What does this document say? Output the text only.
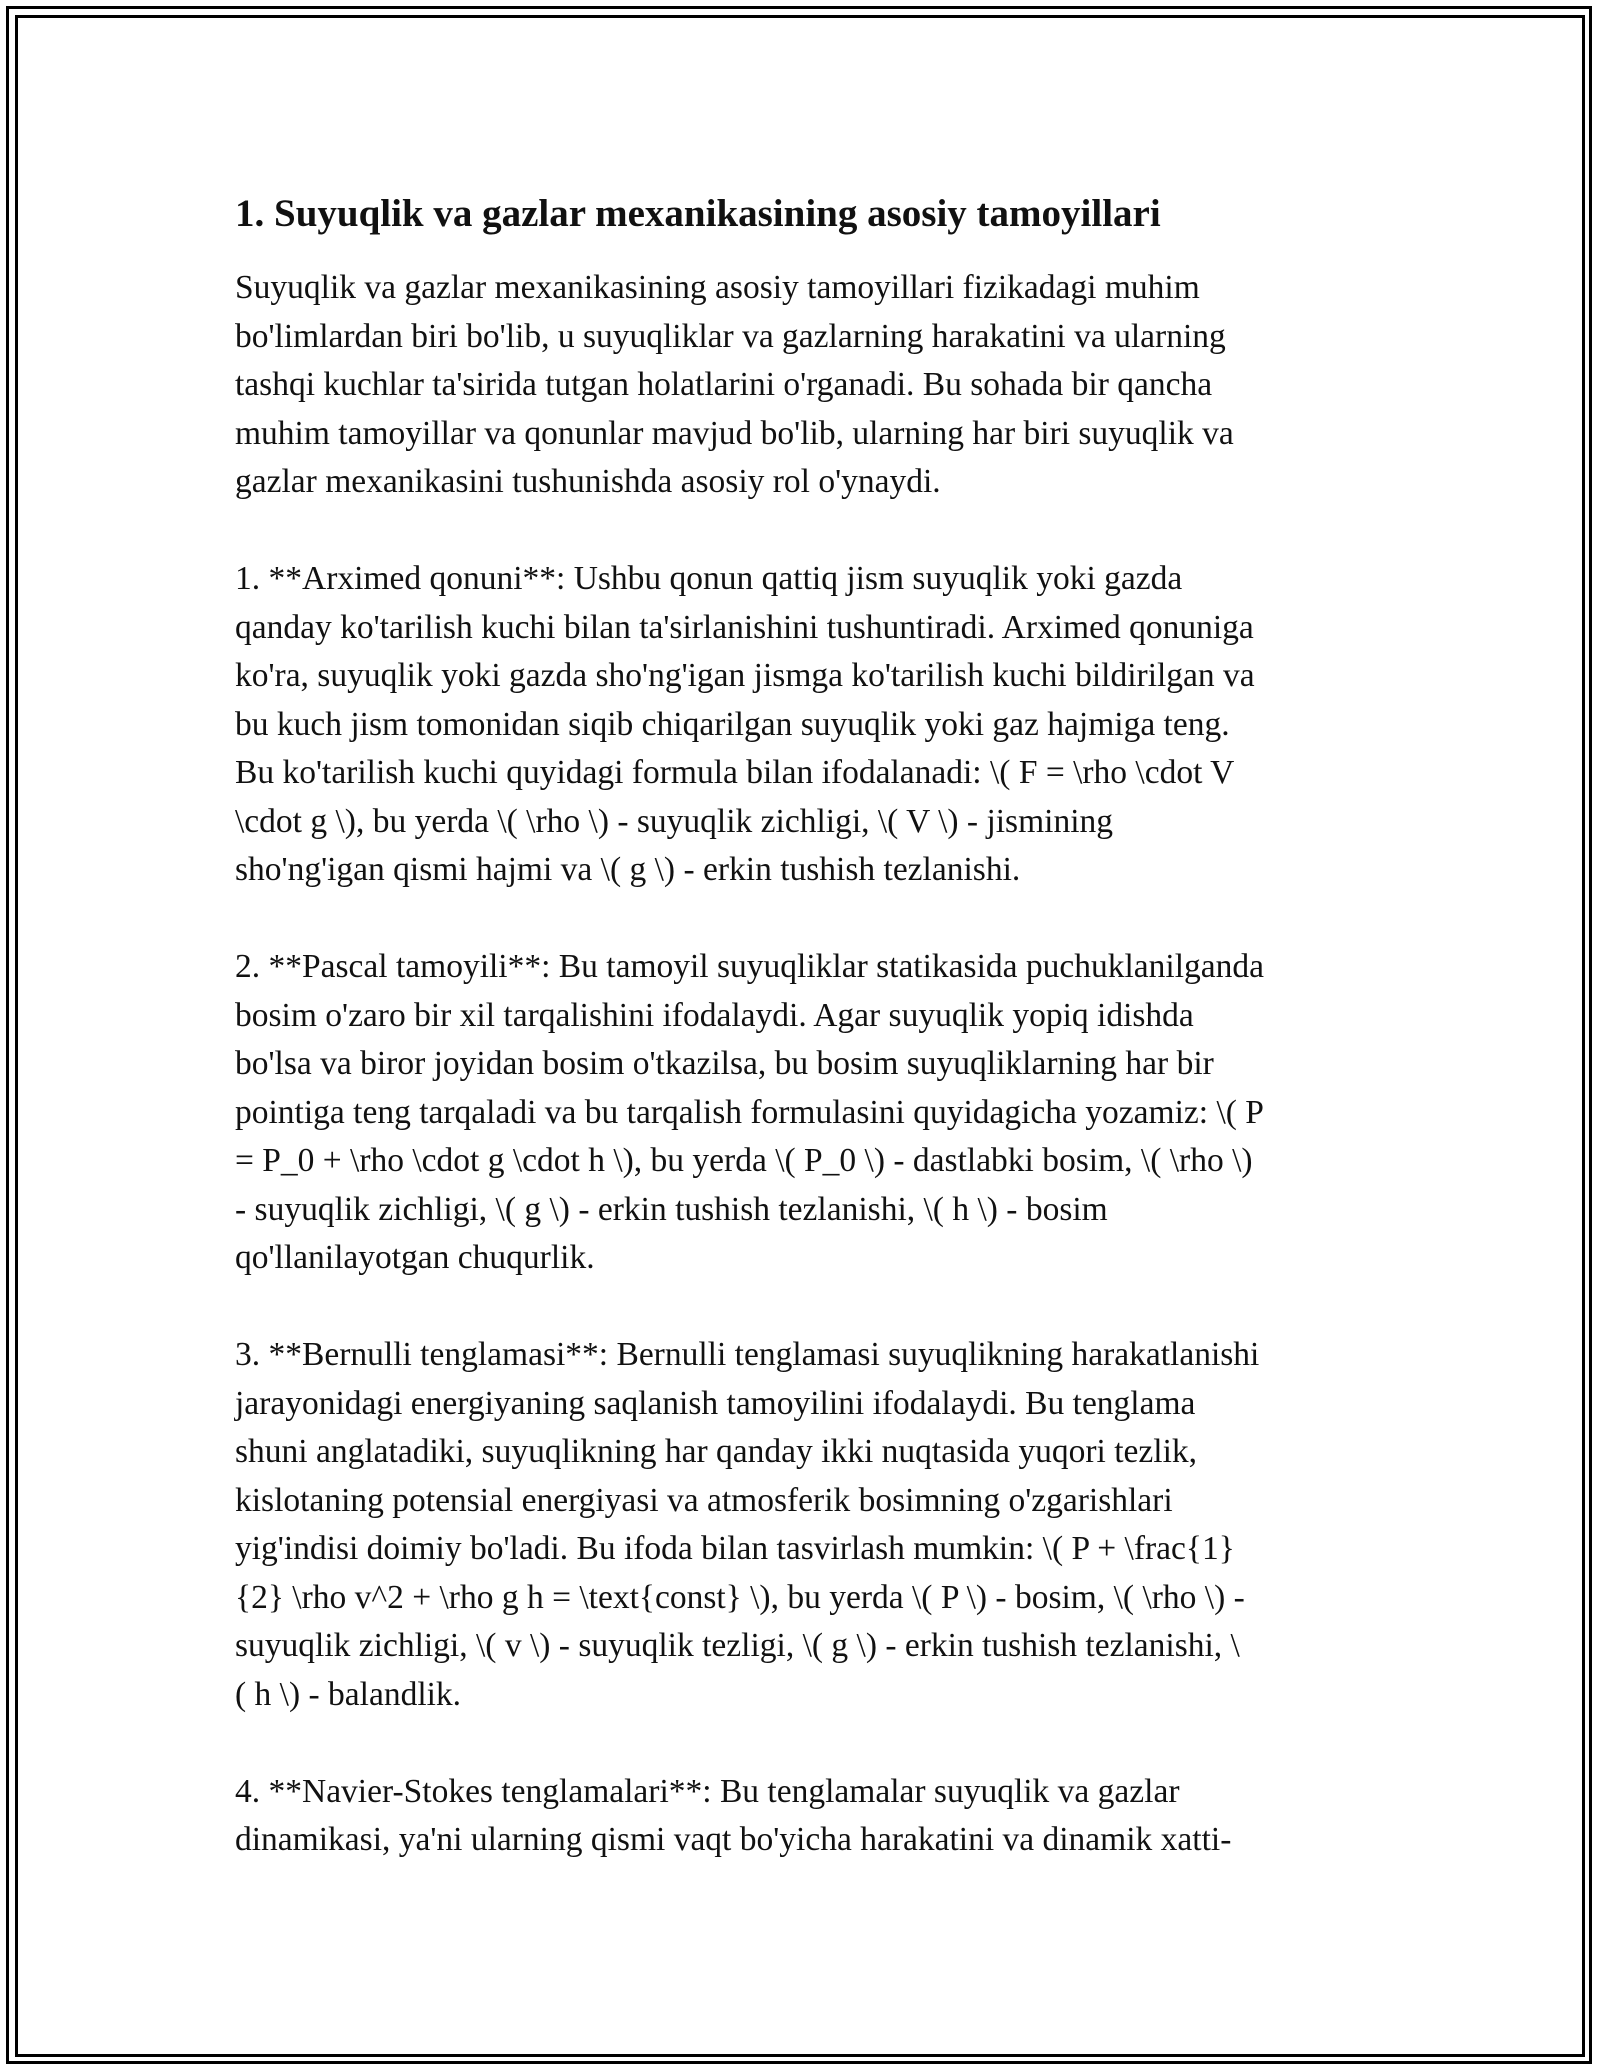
1. Suyuqlik va gazlar mexanikasining asosiy tamoyillari

Suyuqlik va gazlar mexanikasining asosiy tamoyillari fizikadagi muhim
bo'limlardan biri bo'lib, u suyuqliklar va gazlarning harakatini va ularning
tashqi kuchlar ta'sirida tutgan holatlarini o'rganadi. Bu sohada bir qancha
muhim tamoyillar va qonunlar mavjud bo'lib, ularning har biri suyuqlik va
gazlar mexanikasini tushunishda asosiy rol o'ynaydi.

1. **Arximed qonuni**: Ushbu qonun qattiq jism suyuqlik yoki gazda
qanday ko'tarilish kuchi bilan ta'sirlanishini tushuntiradi. Arximed qonuniga
ko'ra, suyuqlik yoki gazda sho'ng'igan jismga ko'tarilish kuchi bildirilgan va
bu kuch jism tomonidan siqib chiqarilgan suyuqlik yoki gaz hajmiga teng.
Bu ko'tarilish kuchi quyidagi formula bilan ifodalanadi: \( F = \rho \cdot V
\cdot g \), bu yerda \( \rho \) - suyuqlik zichligi, \( V \) - jismining
sho'ng'igan qismi hajmi va \( g \) - erkin tushish tezlanishi.

2. **Pascal tamoyili**: Bu tamoyil suyuqliklar statikasida puchuklanilganda
bosim o'zaro bir xil tarqalishini ifodalaydi. Agar suyuqlik yopiq idishda
bo'lsa va biror joyidan bosim o'tkazilsa, bu bosim suyuqliklarning har bir
pointiga teng tarqaladi va bu tarqalish formulasini quyidagicha yozamiz: \( P
= P_0 + \rho \cdot g \cdot h \), bu yerda \( P_0 \) - dastlabki bosim, \( \rho \)
- suyuqlik zichligi, \( g \) - erkin tushish tezlanishi, \( h \) - bosim
qo'llanilayotgan chuqurlik.

3. **Bernulli tenglamasi**: Bernulli tenglamasi suyuqlikning harakatlanishi
jarayonidagi energiyaning saqlanish tamoyilini ifodalaydi. Bu tenglama
shuni anglatadiki, suyuqlikning har qanday ikki nuqtasida yuqori tezlik,
kislotaning potensial energiyasi va atmosferik bosimning o'zgarishlari
yig'indisi doimiy bo'ladi. Bu ifoda bilan tasvirlash mumkin: \( P + \frac{1}
{2} \rho v^2 + \rho g h = \text{const} \), bu yerda \( P \) - bosim, \( \rho \) -
suyuqlik zichligi, \( v \) - suyuqlik tezligi, \( g \) - erkin tushish tezlanishi, \
( h \) - balandlik.

4. **Navier-Stokes tenglamalari**: Bu tenglamalar suyuqlik va gazlar
dinamikasi, ya'ni ularning qismi vaqt bo'yicha harakatini va dinamik xatti-
